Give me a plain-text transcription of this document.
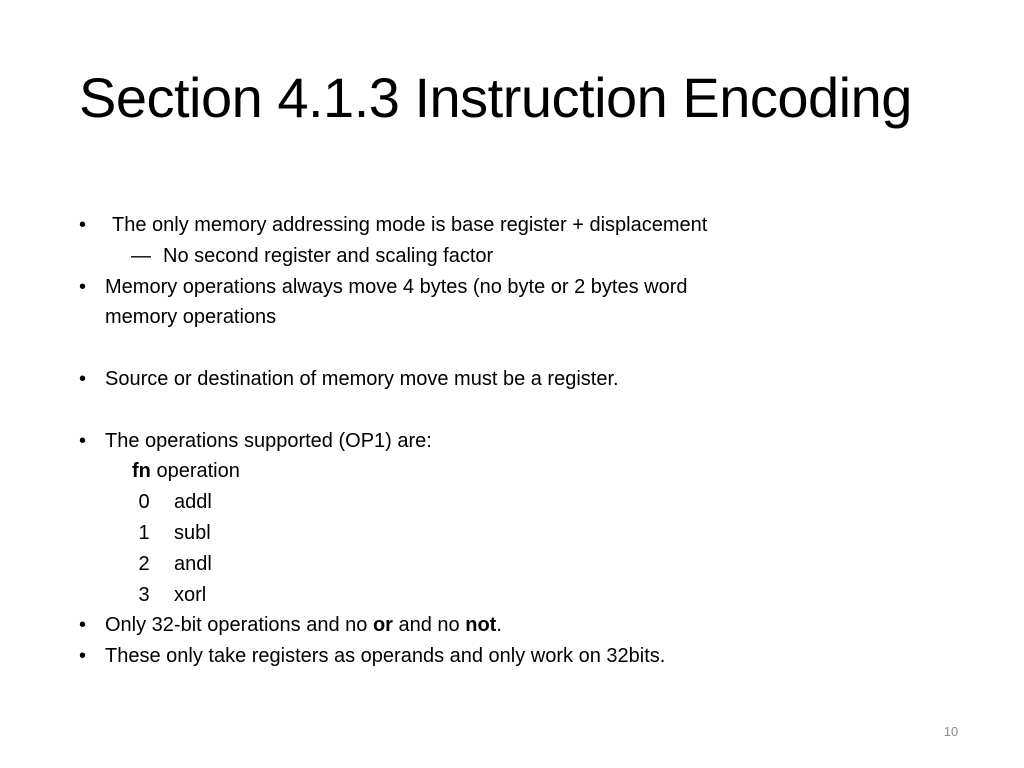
Section 4.1.3 Instruction Encoding
• The only memory addressing mode is base register + displacement
— No second register and scaling factor
• Memory operations always move 4 bytes (no byte or 2 bytes word
memory operations
• Source or destination of memory move must be a register.
• The operations supported (OP1) are:
fn operation
0 addl
1 subl
2 andl
3 xorl
• Only 32-bit operations and no or and no not.
• These only take registers as operands and only work on 32bits.
10
